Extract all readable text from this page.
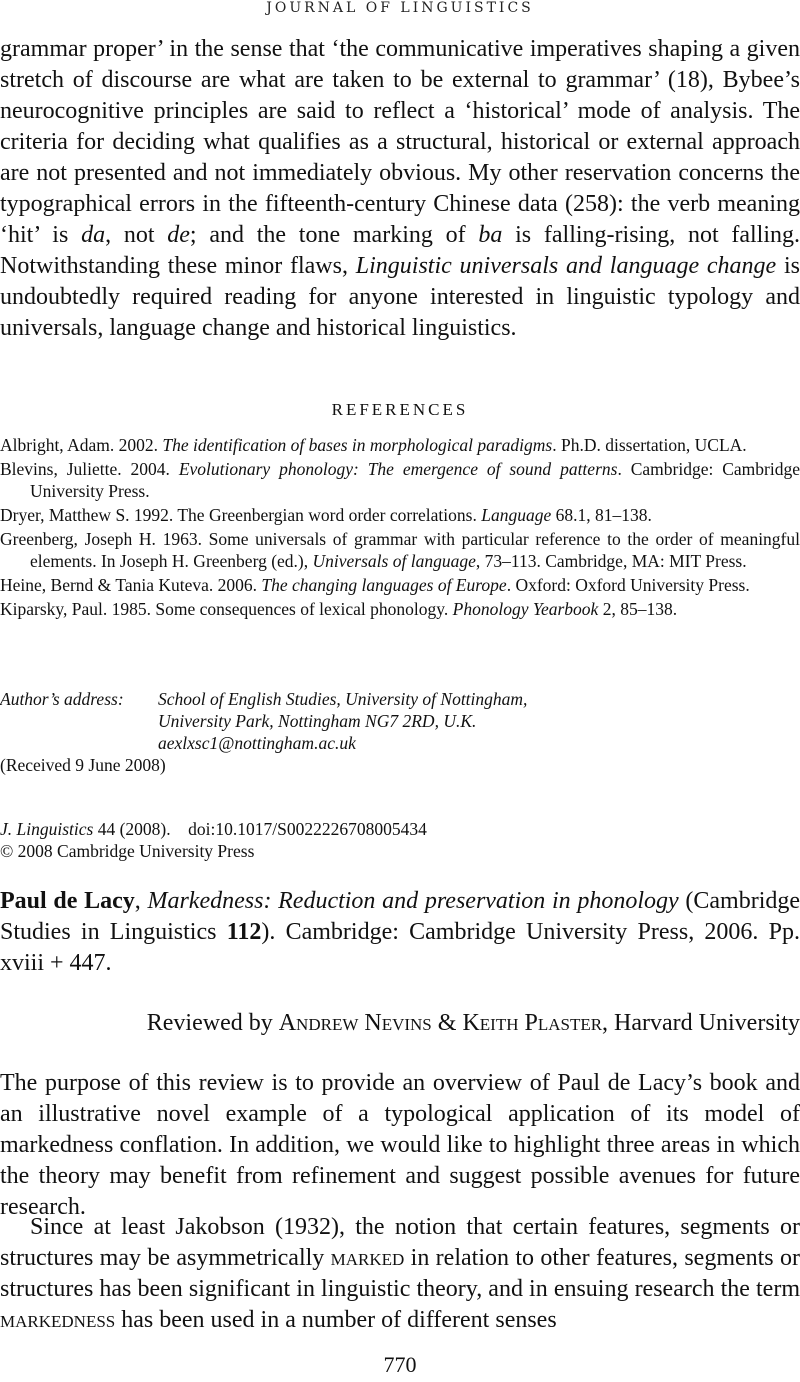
JOURNAL OF LINGUISTICS

grammar proper’ in the sense that ‘the communicative imperatives shaping a given stretch of discourse are what are taken to be external to grammar’ (18), Bybee’s neurocognitive principles are said to reflect a ‘historical’ mode of analysis. The criteria for deciding what qualifies as a structural, historical or external approach are not presented and not immediately obvious. My other reservation concerns the typographical errors in the fifteenth-century Chinese data (258): the verb meaning ‘hit’ is da, not de; and the tone marking of ba is falling-rising, not falling. Notwithstanding these minor flaws, Linguistic universals and language change is undoubtedly required reading for anyone interested in linguistic typology and universals, language change and historical linguistics.

REFERENCES
Albright, Adam. 2002. The identification of bases in morphological paradigms. Ph.D. dissertation, UCLA.
Blevins, Juliette. 2004. Evolutionary phonology: The emergence of sound patterns. Cambridge: Cambridge University Press.
Dryer, Matthew S. 1992. The Greenbergian word order correlations. Language 68.1, 81–138.
Greenberg, Joseph H. 1963. Some universals of grammar with particular reference to the order of meaningful elements. In Joseph H. Greenberg (ed.), Universals of language, 73–113. Cambridge, MA: MIT Press.
Heine, Bernd & Tania Kuteva. 2006. The changing languages of Europe. Oxford: Oxford University Press.
Kiparsky, Paul. 1985. Some consequences of lexical phonology. Phonology Yearbook 2, 85–138.
Author’s address:	School of English Studies, University of Nottingham,
University Park, Nottingham NG7 2RD, U.K.
aexlxsc1@nottingham.ac.uk
(Received 9 June 2008)
J. Linguistics 44 (2008). doi:10.1017/S0022226708005434
© 2008 Cambridge University Press

Paul de Lacy, Markedness: Reduction and preservation in phonology (Cambridge Studies in Linguistics 112). Cambridge: Cambridge University Press, 2006. Pp. xviii + 447.

Reviewed by Andrew Nevins & Keith Plaster, Harvard University

The purpose of this review is to provide an overview of Paul de Lacy’s book and an illustrative novel example of a typological application of its model of markedness conflation. In addition, we would like to highlight three areas in which the theory may benefit from refinement and suggest possible avenues for future research.

Since at least Jakobson (1932), the notion that certain features, segments or structures may be asymmetrically marked in relation to other features, segments or structures has been significant in linguistic theory, and in ensuing research the term markedness has been used in a number of different senses

770
